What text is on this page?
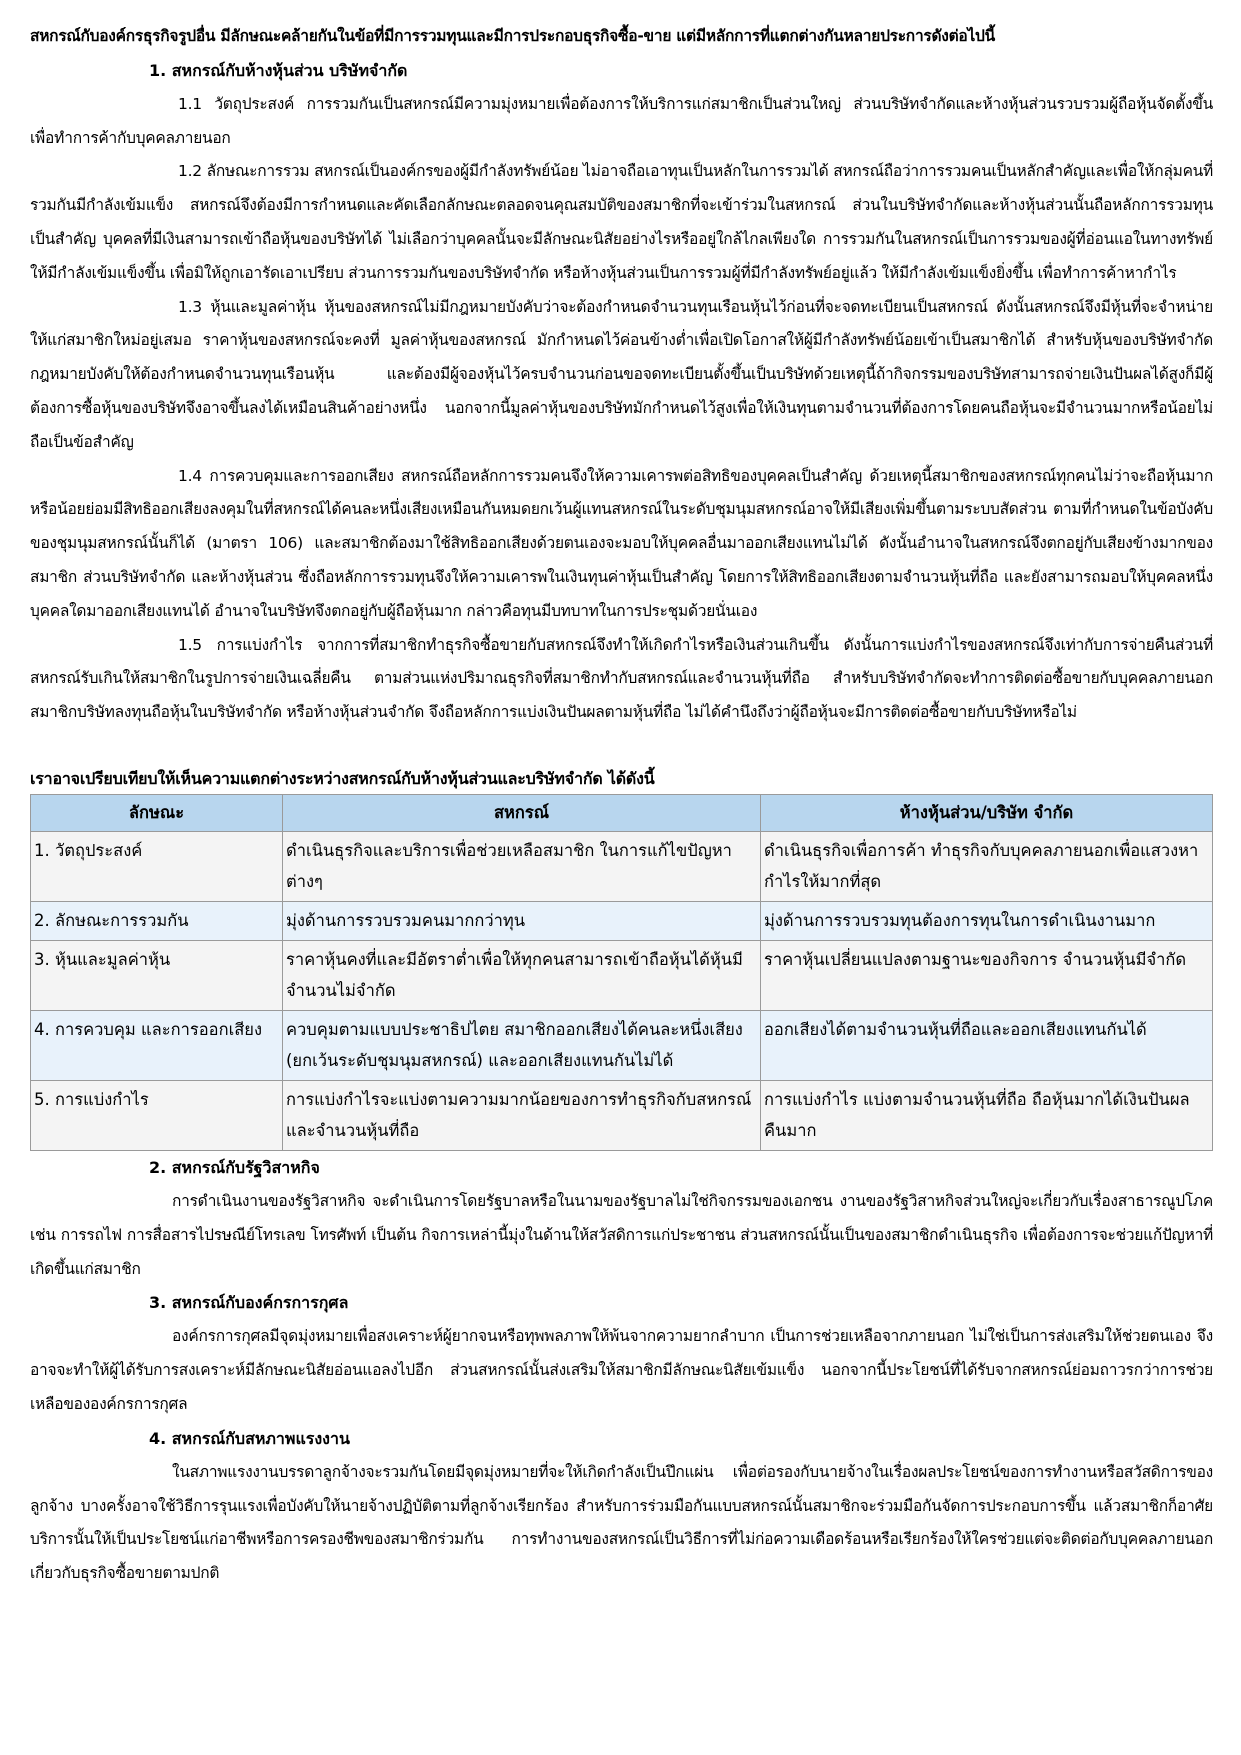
สหกรณ์กับองค์กรธุรกิจรูปอื่น มีลักษณะคล้ายกันในข้อที่มีการรวมทุนและมีการประกอบธุรกิจซื้อ-ขาย แต่มีหลักการที่แตกต่างกันหลายประการดังต่อไปนี้

1. สหกรณ์กับห้างหุ้นส่วน บริษัทจำกัด

1.1 วัตถุประสงค์ การรวมกันเป็นสหกรณ์มีความมุ่งหมายเพื่อต้องการให้บริการแก่สมาชิกเป็นส่วนใหญ่ ส่วนบริษัทจำกัดและห้างหุ้นส่วนรวบรวมผู้ถือหุ้นจัดตั้งขึ้น เพื่อทำการค้ากับบุคคลภายนอก

1.2 ลักษณะการรวม สหกรณ์เป็นองค์กรของผู้มีกำลังทรัพย์น้อย ไม่อาจถือเอาทุนเป็นหลักในการรวมได้ สหกรณ์ถือว่าการรวมคนเป็นหลักสำคัญและเพื่อให้กลุ่มคนที่รวมกันมีกำลังเข้มแข็ง สหกรณ์จึงต้องมีการกำหนดและคัดเลือกลักษณะตลอดจนคุณสมบัติของสมาชิกที่จะเข้าร่วมในสหกรณ์ ส่วนในบริษัทจำกัดและห้างหุ้นส่วนนั้นถือหลักการรวมทุนเป็นสำคัญ บุคคลที่มีเงินสามารถเข้าถือหุ้นของบริษัทได้ ไม่เลือกว่าบุคคลนั้นจะมีลักษณะนิสัยอย่างไรหรืออยู่ใกล้ไกลเพียงใด การรวมกันในสหกรณ์เป็นการรวมของผู้ที่อ่อนแอในทางทรัพย์ให้มีกำลังเข้มแข็งขึ้น เพื่อมิให้ถูกเอารัดเอาเปรียบ ส่วนการรวมกันของบริษัทจำกัด หรือห้างหุ้นส่วนเป็นการรวมผู้ที่มีกำลังทรัพย์อยู่แล้ว ให้มีกำลังเข้มแข็งยิ่งขึ้น เพื่อทำการค้าหากำไร

1.3 หุ้นและมูลค่าหุ้น หุ้นของสหกรณ์ไม่มีกฎหมายบังคับว่าจะต้องกำหนดจำนวนทุนเรือนหุ้นไว้ก่อนที่จะจดทะเบียนเป็นสหกรณ์ ดังนั้นสหกรณ์จึงมีหุ้นที่จะจำหน่ายให้แก่สมาชิกใหม่อยู่เสมอ ราคาหุ้นของสหกรณ์จะคงที่ มูลค่าหุ้นของสหกรณ์ มักกำหนดไว้ค่อนข้างต่ำเพื่อเปิดโอกาสให้ผู้มีกำลังทรัพย์น้อยเข้าเป็นสมาชิกได้ สำหรับหุ้นของบริษัทจำกัด กฎหมายบังคับให้ต้องกำหนดจำนวนทุนเรือนหุ้น และต้องมีผู้จองหุ้นไว้ครบจำนวนก่อนขอจดทะเบียนตั้งขึ้นเป็นบริษัทด้วยเหตุนี้ถ้ากิจกรรมของบริษัทสามารถจ่ายเงินปันผลได้สูงก็มีผู้ต้องการซื้อหุ้นของบริษัทจึงอาจขึ้นลงได้เหมือนสินค้าอย่างหนึ่ง นอกจากนี้มูลค่าหุ้นของบริษัทมักกำหนดไว้สูงเพื่อให้เงินทุนตามจำนวนที่ต้องการโดยคนถือหุ้นจะมีจำนวนมากหรือน้อยไม่ถือเป็นข้อสำคัญ

1.4 การควบคุมและการออกเสียง สหกรณ์ถือหลักการรวมคนจึงให้ความเคารพต่อสิทธิของบุคคลเป็นสำคัญ ด้วยเหตุนี้สมาชิกของสหกรณ์ทุกคนไม่ว่าจะถือหุ้นมากหรือน้อยย่อมมีสิทธิออกเสียงลงคุมในที่สหกรณ์ได้คนละหนึ่งเสียงเหมือนกันหมดยกเว้นผู้แทนสหกรณ์ในระดับชุมนุมสหกรณ์อาจให้มีเสียงเพิ่มขึ้นตามระบบสัดส่วน ตามที่กำหนดในข้อบังคับของชุมนุมสหกรณ์นั้นก็ได้ (มาตรา 106) และสมาชิกต้องมาใช้สิทธิออกเสียงด้วยตนเองจะมอบให้บุคคลอื่นมาออกเสียงแทนไม่ได้ ดังนั้นอำนาจในสหกรณ์จึงตกอยู่กับเสียงข้างมากของสมาชิก ส่วนบริษัทจำกัด และห้างหุ้นส่วน ซึ่งถือหลักการรวมทุนจึงให้ความเคารพในเงินทุนค่าหุ้นเป็นสำคัญ โดยการให้สิทธิออกเสียงตามจำนวนหุ้นที่ถือ และยังสามารถมอบให้บุคคลหนึ่งบุคคลใดมาออกเสียงแทนได้ อำนาจในบริษัทจึงตกอยู่กับผู้ถือหุ้นมาก กล่าวคือทุนมีบทบาทในการประชุมด้วยนั่นเอง

1.5 การแบ่งกำไร จากการที่สมาชิกทำธุรกิจซื้อขายกับสหกรณ์จึงทำให้เกิดกำไรหรือเงินส่วนเกินขึ้น ดังนั้นการแบ่งกำไรของสหกรณ์จึงเท่ากับการจ่ายคืนส่วนที่สหกรณ์รับเกินให้สมาชิกในรูปการจ่ายเงินเฉลี่ยคืน ตามส่วนแห่งปริมาณธุรกิจที่สมาชิกทำกับสหกรณ์และจำนวนหุ้นที่ถือ สำหรับบริษัทจำกัดจะทำการติดต่อซื้อขายกับบุคคลภายนอกสมาชิกบริษัทลงทุนถือหุ้นในบริษัทจำกัด หรือห้างหุ้นส่วนจำกัด จึงถือหลักการแบ่งเงินปันผลตามหุ้นที่ถือ ไม่ได้คำนึงถึงว่าผู้ถือหุ้นจะมีการติดต่อซื้อขายกับบริษัทหรือไม่

เราอาจเปรียบเทียบให้เห็นความแตกต่างระหว่างสหกรณ์กับห้างหุ้นส่วนและบริษัทจำกัด ได้ดังนี้

ลักษณะ	สหกรณ์	ห้างหุ้นส่วน/บริษัท จำกัด
1. วัตถุประสงค์	ดำเนินธุรกิจและบริการเพื่อช่วยเหลือสมาชิก ในการแก้ไขปัญหาต่างๆ	ดำเนินธุรกิจเพื่อการค้า ทำธุรกิจกับบุคคลภายนอกเพื่อแสวงหากำไรให้มากที่สุด
2. ลักษณะการรวมกัน	มุ่งด้านการรวบรวมคนมากกว่าทุน	มุ่งด้านการรวบรวมทุนต้องการทุนในการดำเนินงานมาก
3. หุ้นและมูลค่าหุ้น	ราคาหุ้นคงที่และมีอัตราต่ำเพื่อให้ทุกคนสามารถเข้าถือหุ้นได้หุ้นมีจำนวนไม่จำกัด	ราคาหุ้นเปลี่ยนแปลงตามฐานะของกิจการ จำนวนหุ้นมีจำกัด
4. การควบคุม และการออกเสียง	ควบคุมตามแบบประชาธิปไตย สมาชิกออกเสียงได้คนละหนึ่งเสียง (ยกเว้นระดับชุมนุมสหกรณ์) และออกเสียงแทนกันไม่ได้	ออกเสียงได้ตามจำนวนหุ้นที่ถือและออกเสียงแทนกันได้
5. การแบ่งกำไร	การแบ่งกำไรจะแบ่งตามความมากน้อยของการทำธุรกิจกับสหกรณ์ และจำนวนหุ้นที่ถือ	การแบ่งกำไร แบ่งตามจำนวนหุ้นที่ถือ ถือหุ้นมากได้เงินปันผลคืนมาก

2. สหกรณ์กับรัฐวิสาหกิจ

การดำเนินงานของรัฐวิสาหกิจ จะดำเนินการโดยรัฐบาลหรือในนามของรัฐบาลไม่ใช่กิจกรรมของเอกชน งานของรัฐวิสาหกิจส่วนใหญ่จะเกี่ยวกับเรื่องสาธารณูปโภค เช่น การรถไฟ การสื่อสารไปรษณีย์โทรเลข โทรศัพท์ เป็นต้น กิจการเหล่านี้มุ่งในด้านให้สวัสดิการแก่ประชาชน ส่วนสหกรณ์นั้นเป็นของสมาชิกดำเนินธุรกิจ เพื่อต้องการจะช่วยแก้ปัญหาที่เกิดขึ้นแก่สมาชิก

3. สหกรณ์กับองค์กรการกุศล

องค์กรการกุศลมีจุดมุ่งหมายเพื่อสงเคราะห์ผู้ยากจนหรือทุพพลภาพให้พ้นจากความยากลำบาก เป็นการช่วยเหลือจากภายนอก ไม่ใช่เป็นการส่งเสริมให้ช่วยตนเอง จึงอาจจะทำให้ผู้ได้รับการสงเคราะห์มีลักษณะนิสัยอ่อนแอลงไปอีก ส่วนสหกรณ์นั้นส่งเสริมให้สมาชิกมีลักษณะนิสัยเข้มแข็ง นอกจากนี้ประโยชน์ที่ได้รับจากสหกรณ์ย่อมถาวรกว่าการช่วยเหลือขององค์กรการกุศล

4. สหกรณ์กับสหภาพแรงงาน

ในสภาพแรงงานบรรดาลูกจ้างจะรวมกันโดยมีจุดมุ่งหมายที่จะให้เกิดกำลังเป็นปึกแผ่น เพื่อต่อรองกับนายจ้างในเรื่องผลประโยชน์ของการทำงานหรือสวัสดิการของลูกจ้าง บางครั้งอาจใช้วิธีการรุนแรงเพื่อบังคับให้นายจ้างปฏิบัติตามที่ลูกจ้างเรียกร้อง สำหรับการร่วมมือกันแบบสหกรณ์นั้นสมาชิกจะร่วมมือกันจัดการประกอบการขึ้น แล้วสมาชิกก็อาศัยบริการนั้นให้เป็นประโยชน์แก่อาชีพหรือการครองชีพของสมาชิกร่วมกัน การทำงานของสหกรณ์เป็นวิธีการที่ไม่ก่อความเดือดร้อนหรือเรียกร้องให้ใครช่วยแต่จะติดต่อกับบุคคลภายนอกเกี่ยวกับธุรกิจซื้อขายตามปกติ
